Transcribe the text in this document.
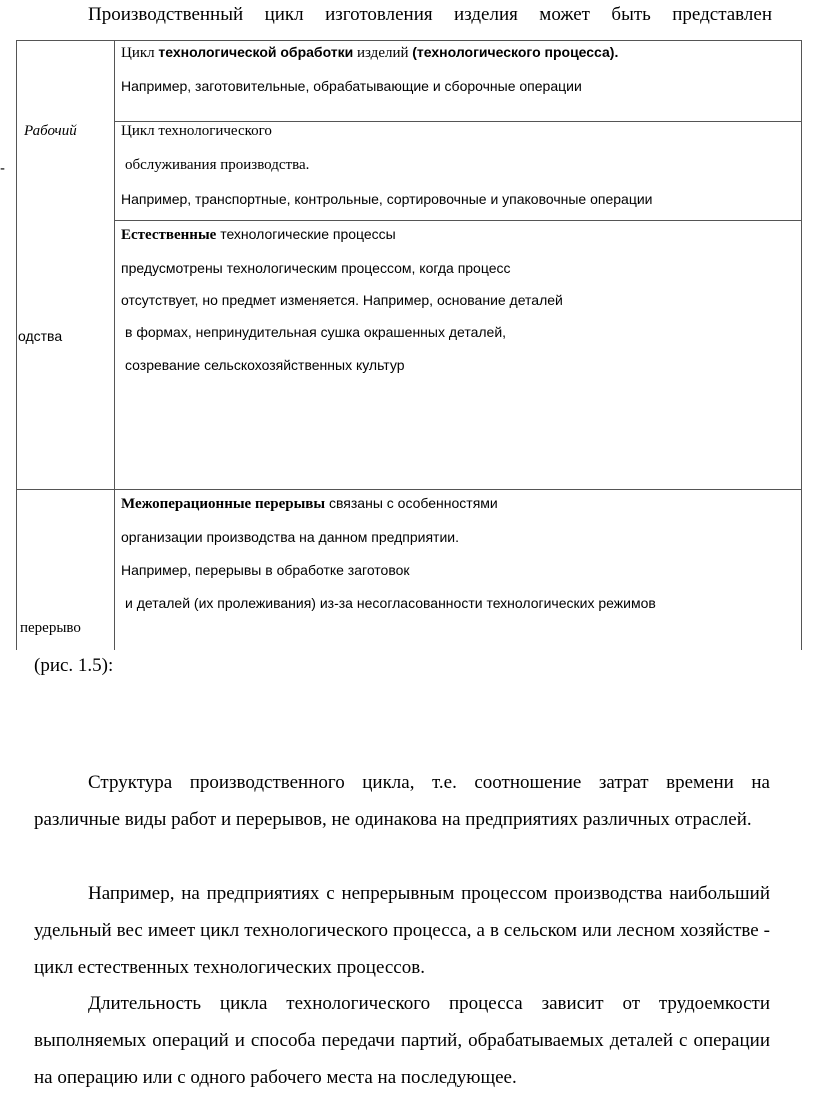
Производственный цикл изготовления изделия может быть представлен
Рабочий
-
одства
перерыво
Цикл технологической обработки изделий (технологического процесса).
Например, заготовительные, обрабатывающие и сборочные операции
Цикл технологического
обслуживания производства.
Например, транспортные, контрольные, сортировочные и упаковочные операции
Естественные технологические процессы
предусмотрены технологическим процессом, когда процесс
отсутствует, но предмет изменяется. Например, основание деталей
в формах, непринудительная сушка окрашенных деталей,
созревание сельскохозяйственных культур
Межоперационные перерывы связаны с особенностями
организации производства на данном предприятии.
Например, перерывы в обработке заготовок
и деталей (их пролеживания) из-за несогласованности технологических режимов
(рис. 1.5):
Структура производственного цикла, т.е. соотношение затрат времени на различные виды работ и перерывов, не одинакова на предприятиях различных отраслей.
Например, на предприятиях с непрерывным процессом производства наибольший удельный вес имеет цикл технологического процесса, а в сельском или лесном хозяйстве - цикл естественных технологических процессов.
Длительность цикла технологического процесса зависит от трудоемкости выполняемых операций и способа передачи партий, обрабатываемых деталей с операции на операцию или с одного рабочего места на последующее.
